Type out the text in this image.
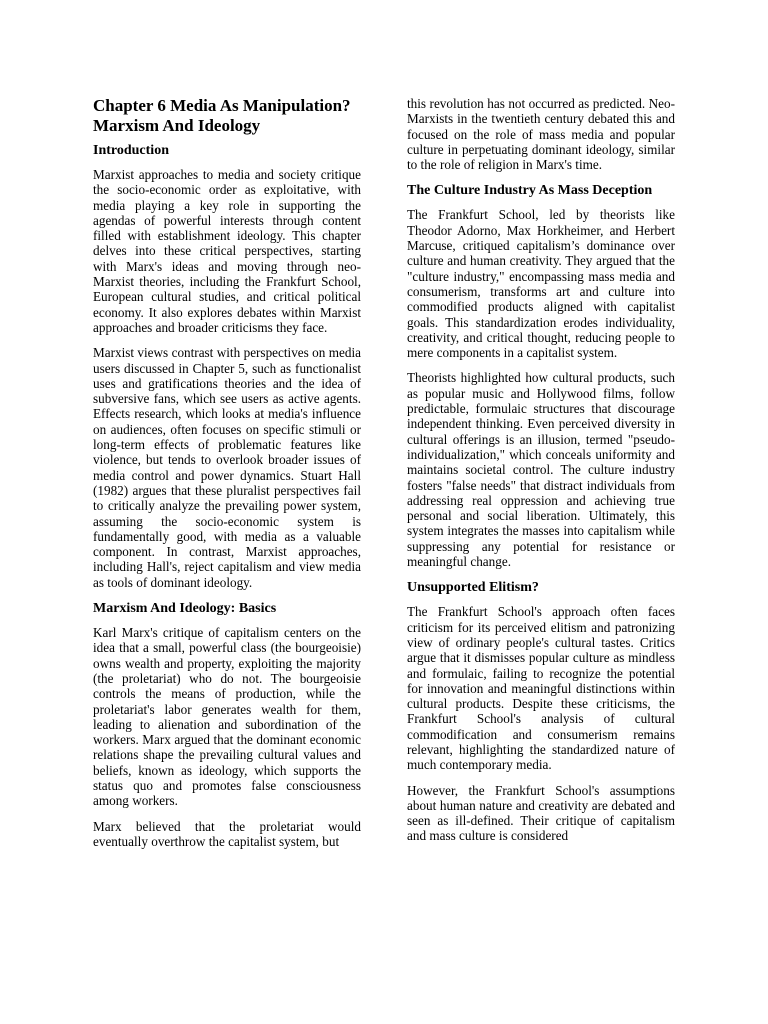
Chapter 6 Media As Manipulation? Marxism And Ideology
Introduction

Marxist approaches to media and society critique the socio-economic order as exploitative, with media playing a key role in supporting the agendas of powerful interests through content filled with establishment ideology. This chapter delves into these critical perspectives, starting with Marx's ideas and moving through neo-Marxist theories, including the Frankfurt School, European cultural studies, and critical political economy. It also explores debates within Marxist approaches and broader criticisms they face.

Marxist views contrast with perspectives on media users discussed in Chapter 5, such as functionalist uses and gratifications theories and the idea of subversive fans, which see users as active agents. Effects research, which looks at media's influence on audiences, often focuses on specific stimuli or long-term effects of problematic features like violence, but tends to overlook broader issues of media control and power dynamics. Stuart Hall (1982) argues that these pluralist perspectives fail to critically analyze the prevailing power system, assuming the socio-economic system is fundamentally good, with media as a valuable component. In contrast, Marxist approaches, including Hall's, reject capitalism and view media as tools of dominant ideology.

Marxism And Ideology: Basics

Karl Marx's critique of capitalism centers on the idea that a small, powerful class (the bourgeoisie) owns wealth and property, exploiting the majority (the proletariat) who do not. The bourgeoisie controls the means of production, while the proletariat's labor generates wealth for them, leading to alienation and subordination of the workers. Marx argued that the dominant economic relations shape the prevailing cultural values and beliefs, known as ideology, which supports the status quo and promotes false consciousness among workers.

Marx believed that the proletariat would eventually overthrow the capitalist system, but

this revolution has not occurred as predicted. Neo-Marxists in the twentieth century debated this and focused on the role of mass media and popular culture in perpetuating dominant ideology, similar to the role of religion in Marx's time.

The Culture Industry As Mass Deception

The Frankfurt School, led by theorists like Theodor Adorno, Max Horkheimer, and Herbert Marcuse, critiqued capitalism’s dominance over culture and human creativity. They argued that the "culture industry," encompassing mass media and consumerism, transforms art and culture into commodified products aligned with capitalist goals. This standardization erodes individuality, creativity, and critical thought, reducing people to mere components in a capitalist system.

Theorists highlighted how cultural products, such as popular music and Hollywood films, follow predictable, formulaic structures that discourage independent thinking. Even perceived diversity in cultural offerings is an illusion, termed "pseudo-individualization," which conceals uniformity and maintains societal control. The culture industry fosters "false needs" that distract individuals from addressing real oppression and achieving true personal and social liberation. Ultimately, this system integrates the masses into capitalism while suppressing any potential for resistance or meaningful change.

Unsupported Elitism?

The Frankfurt School's approach often faces criticism for its perceived elitism and patronizing view of ordinary people's cultural tastes. Critics argue that it dismisses popular culture as mindless and formulaic, failing to recognize the potential for innovation and meaningful distinctions within cultural products. Despite these criticisms, the Frankfurt School's analysis of cultural commodification and consumerism remains relevant, highlighting the standardized nature of much contemporary media.

However, the Frankfurt School's assumptions about human nature and creativity are debated and seen as ill-defined. Their critique of capitalism and mass culture is considered
